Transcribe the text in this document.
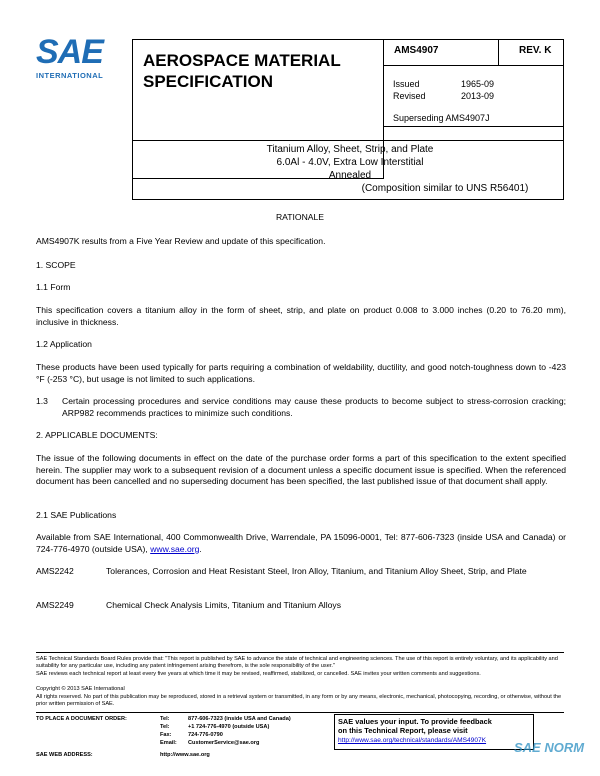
SAE
INTERNATIONAL
AEROSPACE MATERIAL
SPECIFICATION
AMS4907	REV. K
Issued	1965-09
Revised	2013-09
Superseding AMS4907J
Titanium Alloy, Sheet, Strip, and Plate
6.0Al - 4.0V, Extra Low Interstitial
Annealed
(Composition similar to UNS R56401)
RATIONALE
AMS4907K results from a Five Year Review and update of this specification.
1. SCOPE
1.1 Form
This specification covers a titanium alloy in the form of sheet, strip, and plate on product 0.008 to 3.000 inches (0.20 to 76.20 mm), inclusive in thickness.
1.2 Application
These products have been used typically for parts requiring a combination of weldability, ductility, and good notch-toughness down to -423 °F (-253 °C), but usage is not limited to such applications.
1.3 Certain processing procedures and service conditions may cause these products to become subject to stress-corrosion cracking; ARP982 recommends practices to minimize such conditions.
2. APPLICABLE DOCUMENTS:
The issue of the following documents in effect on the date of the purchase order forms a part of this specification to the extent specified herein. The supplier may work to a subsequent revision of a document unless a specific document issue is specified. When the referenced document has been cancelled and no superseding document has been specified, the last published issue of that document shall apply.
2.1 SAE Publications
Available from SAE International, 400 Commonwealth Drive, Warrendale, PA 15096-0001, Tel: 877-606-7323 (inside USA and Canada) or 724-776-4970 (outside USA), www.sae.org.
AMS2242	Tolerances, Corrosion and Heat Resistant Steel, Iron Alloy, Titanium, and Titanium Alloy Sheet, Strip, and Plate
AMS2249	Chemical Check Analysis Limits, Titanium and Titanium Alloys
SAE Technical Standards Board Rules provide that: "This report is published by SAE to advance the state of technical and engineering sciences. The use of this report is entirely voluntary, and its applicability and suitability for any particular use, including any patent infringement arising therefrom, is the sole responsibility of the user."
SAE reviews each technical report at least every five years at which time it may be revised, reaffirmed, stabilized, or cancelled. SAE invites your written comments and suggestions.
Copyright © 2013 SAE International
All rights reserved. No part of this publication may be reproduced, stored in a retrieval system or transmitted, in any form or by any means, electronic, mechanical, photocopying, recording, or otherwise, without the prior written permission of SAE.
TO PLACE A DOCUMENT ORDER:	Tel:	877-606-7323 (inside USA and Canada)
Tel:	+1 724-776-4970 (outside USA)
Fax:	724-776-0790
Email: CustomerService@sae.org
SAE WEB ADDRESS:	http://www.sae.org
SAE values your input. To provide feedback
on this Technical Report, please visit
http://www.sae.org/technical/standards/AMS4907K	SAE NORM
